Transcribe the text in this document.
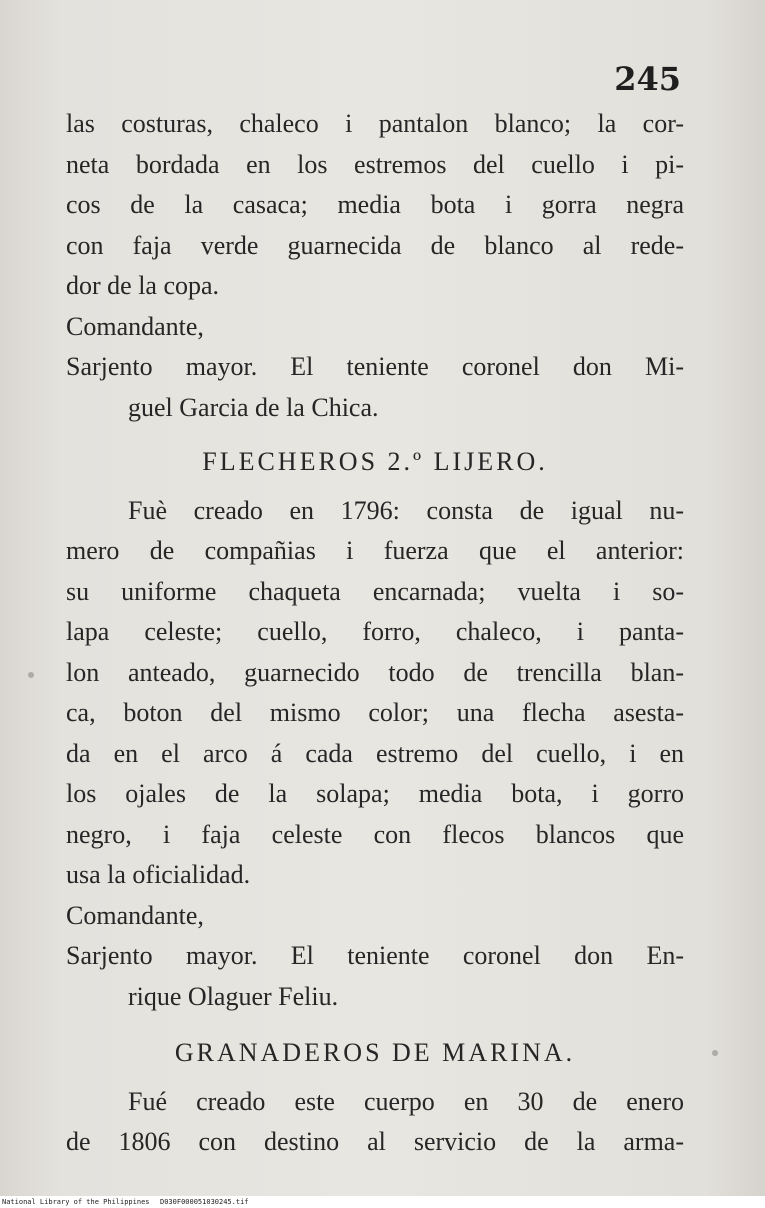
245
las costuras, chaleco i pantalon blanco; la cor-
neta bordada en los estremos del cuello i pi-
cos de la casaca; media bota i gorra negra
con faja verde guarnecida de blanco al rede-
dor de la copa.
Comandante,
Sarjento mayor. El teniente coronel don Mi-
guel Garcia de la Chica.
FLECHEROS 2.º LIJERO.
Fuè creado en 1796: consta de igual nu-
mero de compañias i fuerza que el anterior:
su uniforme chaqueta encarnada; vuelta i so-
lapa celeste; cuello, forro, chaleco, i panta-
lon anteado, guarnecido todo de trencilla blan-
ca, boton del mismo color; una flecha asesta-
da en el arco á cada estremo del cuello, i en
los ojales de la solapa; media bota, i gorro
negro, i faja celeste con flecos blancos que
usa la oficialidad.
Comandante,
Sarjento mayor. El teniente coronel don En-
rique Olaguer Feliu.
GRANADEROS DE MARINA.
Fué creado este cuerpo en 30 de enero
de 1806 con destino al servicio de la arma-
National Library of the Philippines D030F000051030245.tif
